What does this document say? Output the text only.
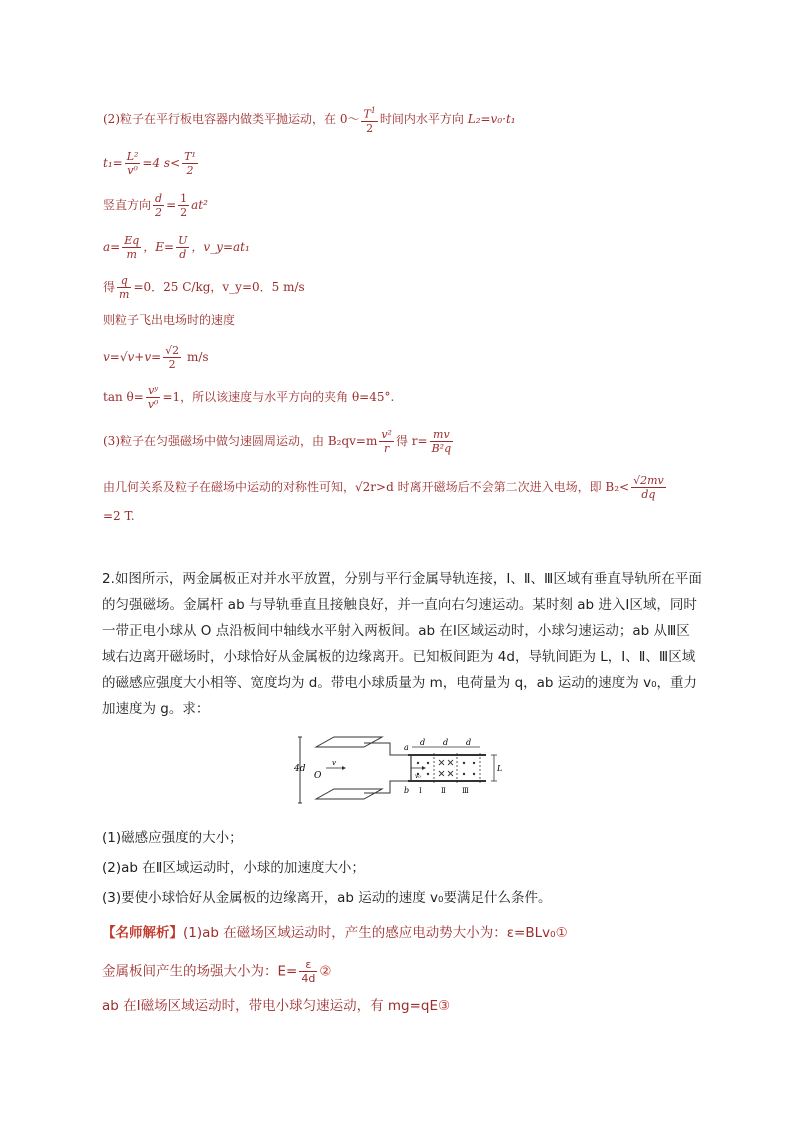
(2)粒子在平行板电容器内做类平抛运动，在 0～ $\frac{T^1}{2}$ 时间内水平方向 L₂=v₀·t₁
$t_1= \frac{\text{L²}}{\text{v⁰}} =4$ $s< \frac{\text{T¹}}{2}$
竖直方向 $\frac{d}{2} = \frac{1}{2} at^2$
$a= \frac{Eq}{m}$ ，$E= \frac{U}{d}$ ，v_y=at₁
得 $\frac{q}{m} =0$．25 C/kg，v_y=0．5 m/s
则粒子飞出电场时的速度
$v=√v+v= \frac{√2}{2} m/s$
$\tan \theta= \frac{\text{vʸ}}{\text{v⁰}} =1$，所以该速度与水平方向的夹角 θ=45°.
(3)粒子在匀强磁场中做匀速圆周运动，由 $B_2qv=m \frac{\text{v²}}{r}$ 得 $r= \frac{mv}{\text{B²q}}$
由几何关系及粒子在磁场中运动的对称性可知，√2r>d 时离开磁场后不会第二次进入电场，即 $B_2< \frac{√2mv}{dq}$
=2 T.
2.如图所示，两金属板正对并水平放置，分别与平行金属导轨连接，Ⅰ、Ⅱ、Ⅲ区域有垂直导轨所在平面的匀强磁场。金属杆 ab 与导轨垂直且接触良好，并一直向右匀速运动。某时刻 ab 进入Ⅰ区域，同时一带正电小球从 O 点沿板间中轴线水平射入两板间。ab 在Ⅰ区域运动时，小球匀速运动；ab 从Ⅲ区域右边离开磁场时，小球恰好从金属板的边缘离开。已知板间距为 4d，导轨间距为 L，Ⅰ、Ⅱ、Ⅲ区域的磁感应强度大小相等、宽度均为 d。带电小球质量为 m，电荷量为 q，ab 运动的速度为 v₀，重力加速度为 g。求：
4d
O
v
a
b
d d d
L
v₀
Ⅰ	Ⅱ Ⅲ
(1)磁感应强度的大小；
(2)ab 在Ⅱ区域运动时，小球的加速度大小；
(3)要使小球恰好从金属板的边缘离开，ab 运动的速度 v₀要满足什么条件。
【名师解析】(1)ab 在磁场区域运动时，产生的感应电动势大小为：ε=BLv₀①
金属板间产生的场强大小为：$E= \frac{\varepsilon}{4d}$ ②
ab 在Ⅰ磁场区域运动时，带电小球匀速运动，有 mg=qE③
